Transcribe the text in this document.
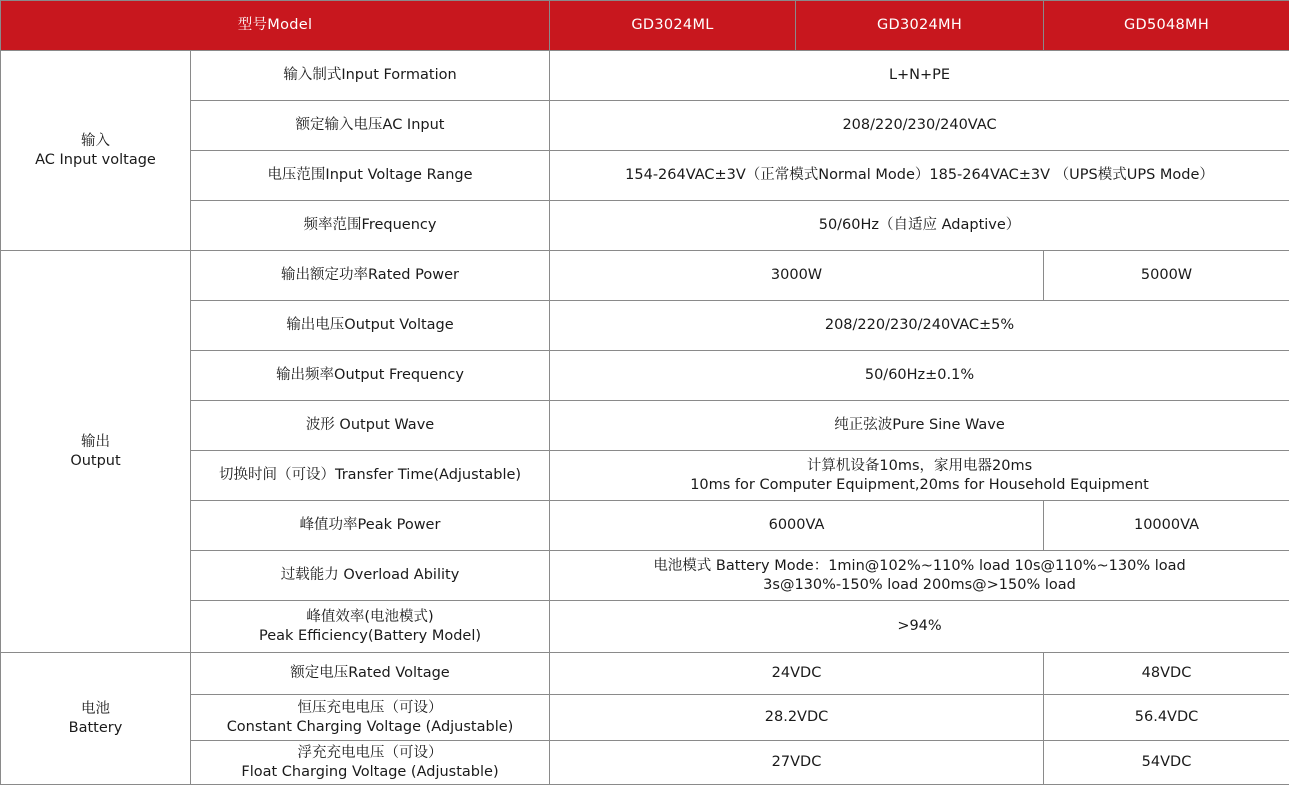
型号Model		GD3024ML	GD3024MH	GD5048MH

输入
AC Input voltage	输入制式Input Formation	L+N+PE		
	额定输入电压AC Input	208/220/230/240VAC		
	电压范围Input Voltage Range	154-264VAC±3V（正常模式Normal Mode）185-264VAC±3V （UPS模式UPS Mode）		
	频率范围Frequency	50/60Hz（自适应 Adaptive）		

输出
Output	输出额定功率Rated Power	3000W		5000W
	输出电压Output Voltage	208/220/230/240VAC±5%		
	输出频率Output Frequency	50/60Hz±0.1%		
	波形 Output Wave	纯正弦波Pure Sine Wave		
	切换时间（可设）Transfer Time(Adjustable)	计算机设备10ms，家用电器20ms
10ms for Computer Equipment,20ms for Household Equipment		

	峰值功率Peak Power	6000VA		10000VA
	过载能力 Overload Ability	电池模式 Battery Mode：1min@102%~110% load 10s@110%~130% load
3s@130%-150% load 200ms@>150% load		

	峰值效率(电池模式)
Peak Efficiency(Battery Model)	>94%		

电池
Battery	额定电压Rated Voltage	24VDC		48VDC

	恒压充电电压（可设）
Constant Charging Voltage (Adjustable)	28.2VDC		56.4VDC

	浮充充电电压（可设）
Float Charging Voltage (Adjustable)	27VDC		54VDC
